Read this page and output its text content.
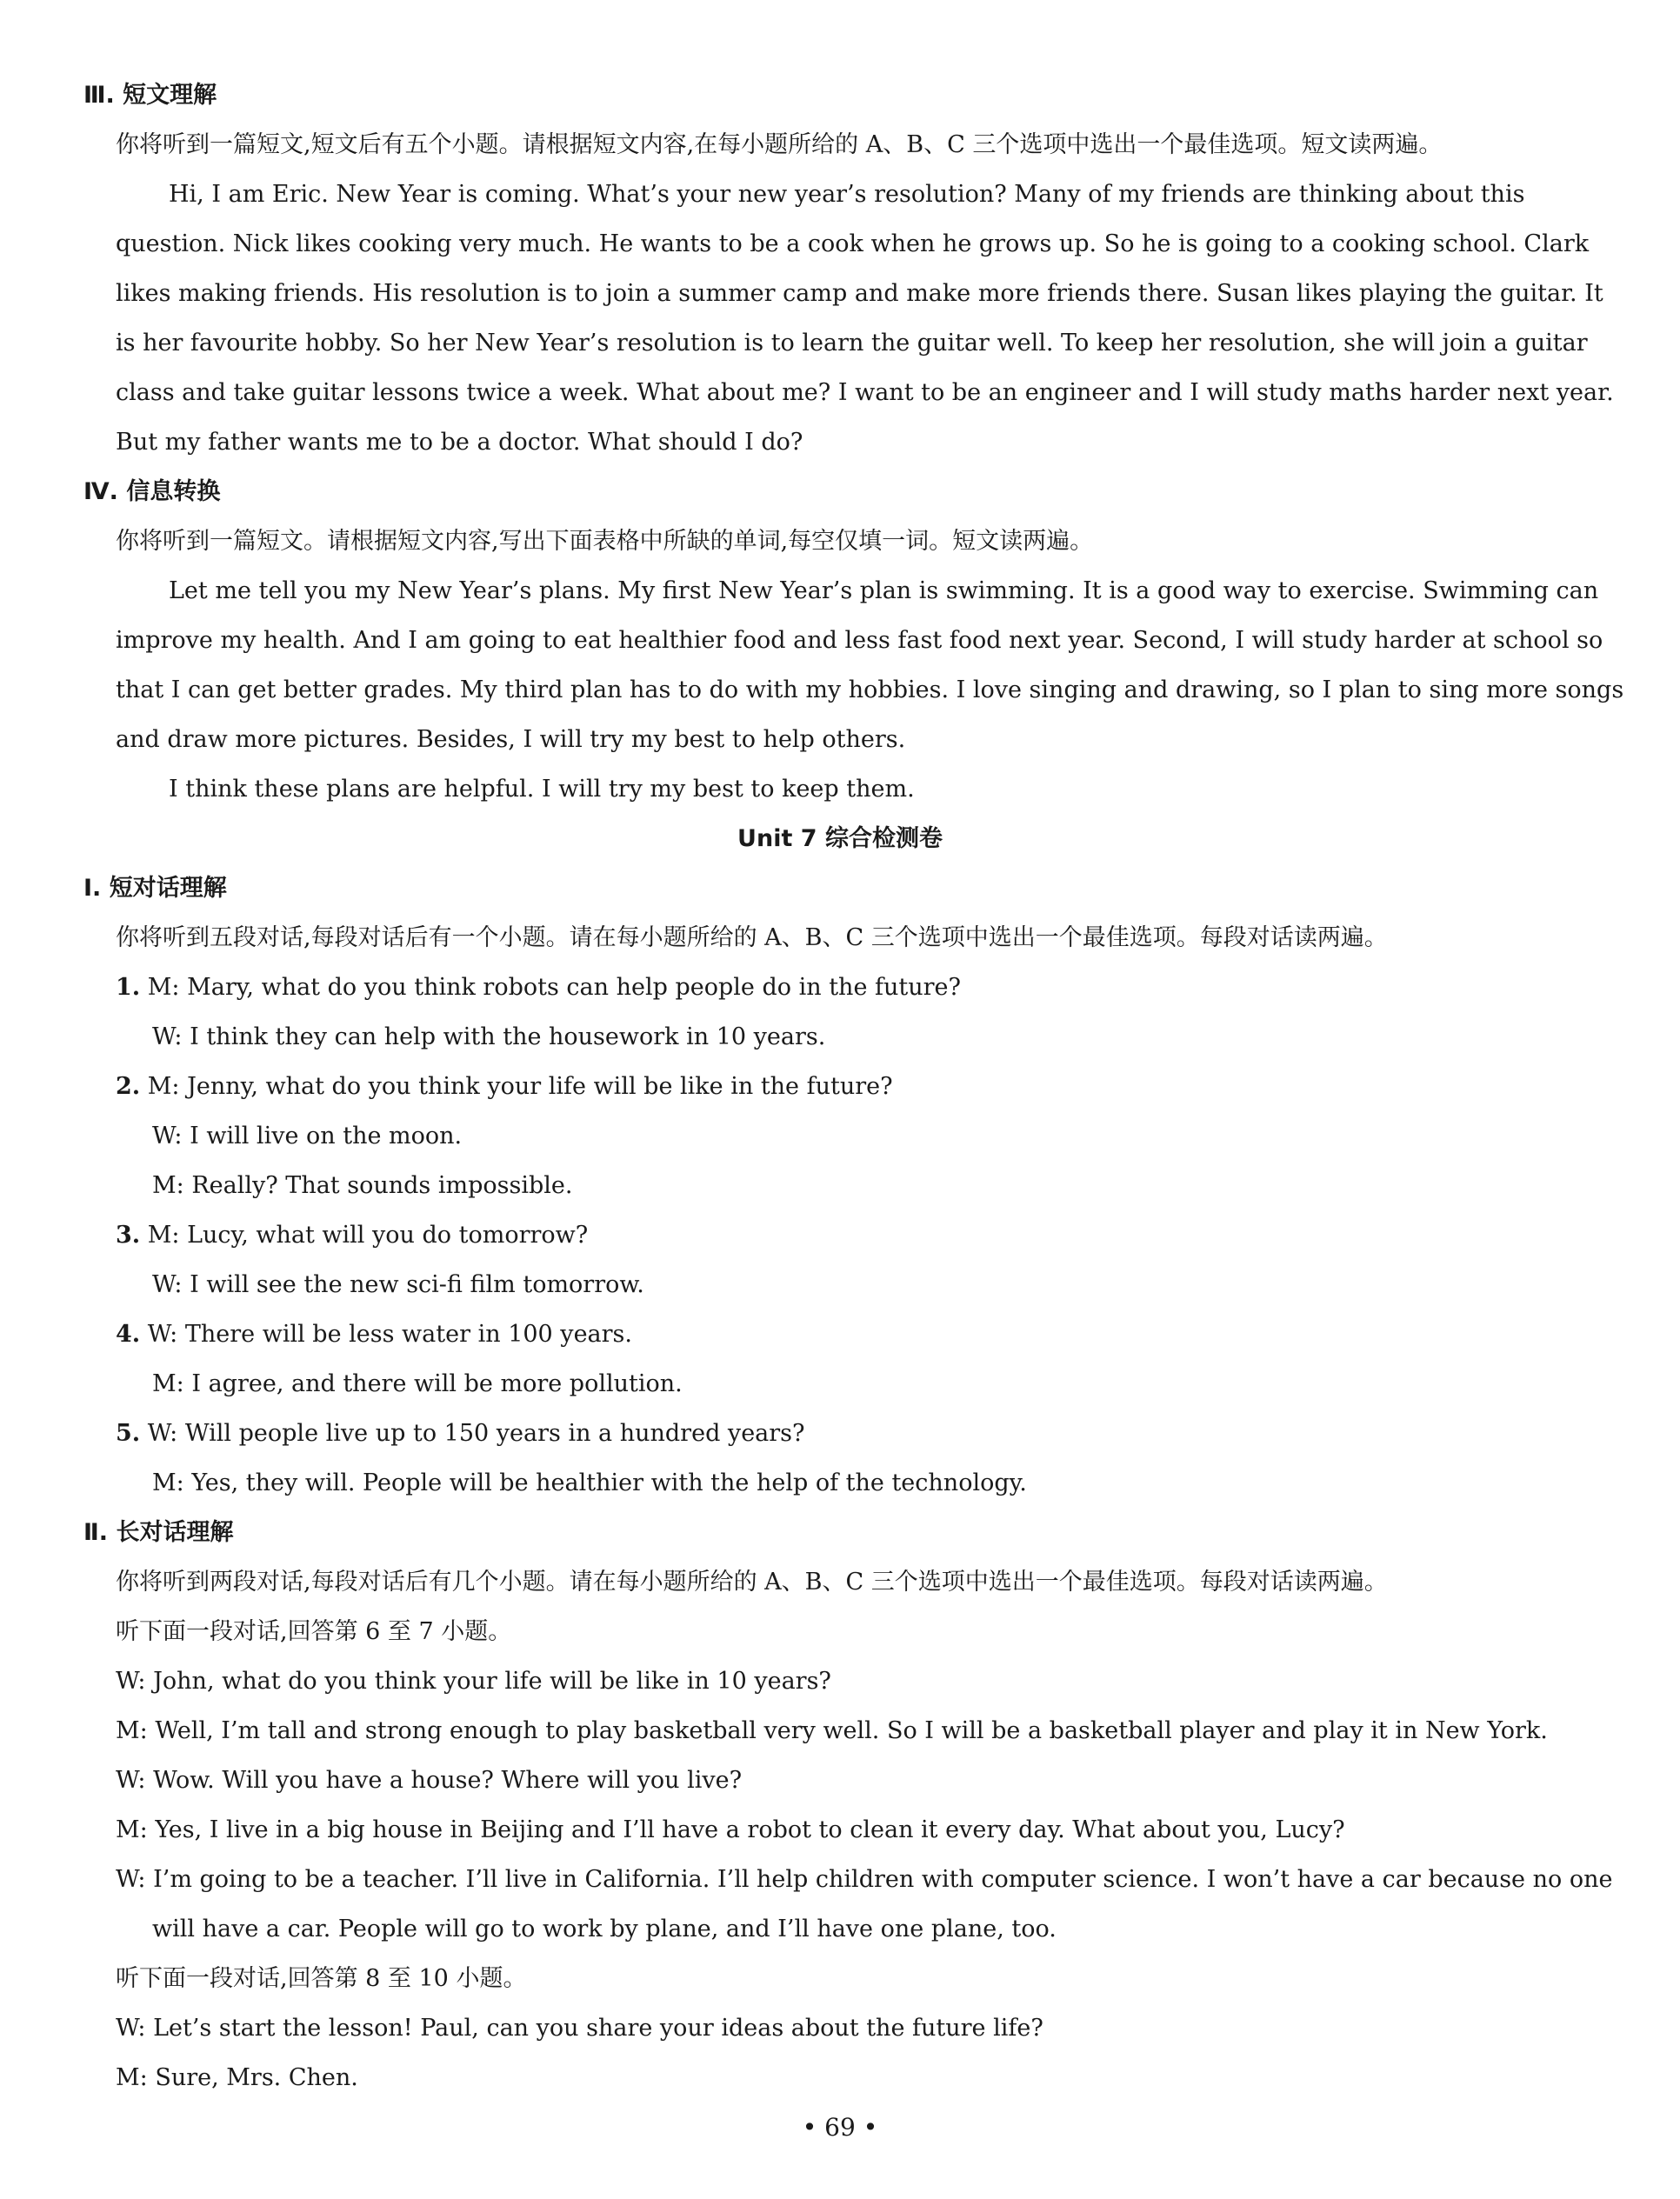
Ⅲ. 短文理解
你将听到一篇短文,短文后有五个小题。请根据短文内容,在每小题所给的 A、B、C 三个选项中选出一个最佳选项。短文读两遍。
Hi, I am Eric. New Year is coming. What’s your new year’s resolution? Many of my friends are thinking about this
question. Nick likes cooking very much. He wants to be a cook when he grows up. So he is going to a cooking school. Clark
likes making friends. His resolution is to join a summer camp and make more friends there. Susan likes playing the guitar. It
is her favourite hobby. So her New Year’s resolution is to learn the guitar well. To keep her resolution, she will join a guitar
class and take guitar lessons twice a week. What about me? I want to be an engineer and I will study maths harder next year.
But my father wants me to be a doctor. What should I do?
Ⅳ. 信息转换
你将听到一篇短文。请根据短文内容,写出下面表格中所缺的单词,每空仅填一词。短文读两遍。
Let me tell you my New Year’s plans. My first New Year’s plan is swimming. It is a good way to exercise. Swimming can
improve my health. And I am going to eat healthier food and less fast food next year. Second, I will study harder at school so
that I can get better grades. My third plan has to do with my hobbies. I love singing and drawing, so I plan to sing more songs
and draw more pictures. Besides, I will try my best to help others.
I think these plans are helpful. I will try my best to keep them.
Unit 7 综合检测卷
Ⅰ. 短对话理解
你将听到五段对话,每段对话后有一个小题。请在每小题所给的 A、B、C 三个选项中选出一个最佳选项。每段对话读两遍。
1. M: Mary, what do you think robots can help people do in the future?
W: I think they can help with the housework in 10 years.
2. M: Jenny, what do you think your life will be like in the future?
W: I will live on the moon.
M: Really? That sounds impossible.
3. M: Lucy, what will you do tomorrow?
W: I will see the new sci-fi film tomorrow.
4. W: There will be less water in 100 years.
M: I agree, and there will be more pollution.
5. W: Will people live up to 150 years in a hundred years?
M: Yes, they will. People will be healthier with the help of the technology.
Ⅱ. 长对话理解
你将听到两段对话,每段对话后有几个小题。请在每小题所给的 A、B、C 三个选项中选出一个最佳选项。每段对话读两遍。
听下面一段对话,回答第 6 至 7 小题。
W: John, what do you think your life will be like in 10 years?
M: Well, I’m tall and strong enough to play basketball very well. So I will be a basketball player and play it in New York.
W: Wow. Will you have a house? Where will you live?
M: Yes, I live in a big house in Beijing and I’ll have a robot to clean it every day. What about you, Lucy?
W: I’m going to be a teacher. I’ll live in California. I’ll help children with computer science. I won’t have a car because no one
will have a car. People will go to work by plane, and I’ll have one plane, too.
听下面一段对话,回答第 8 至 10 小题。
W: Let’s start the lesson! Paul, can you share your ideas about the future life?
M: Sure, Mrs. Chen.
• 69 •
